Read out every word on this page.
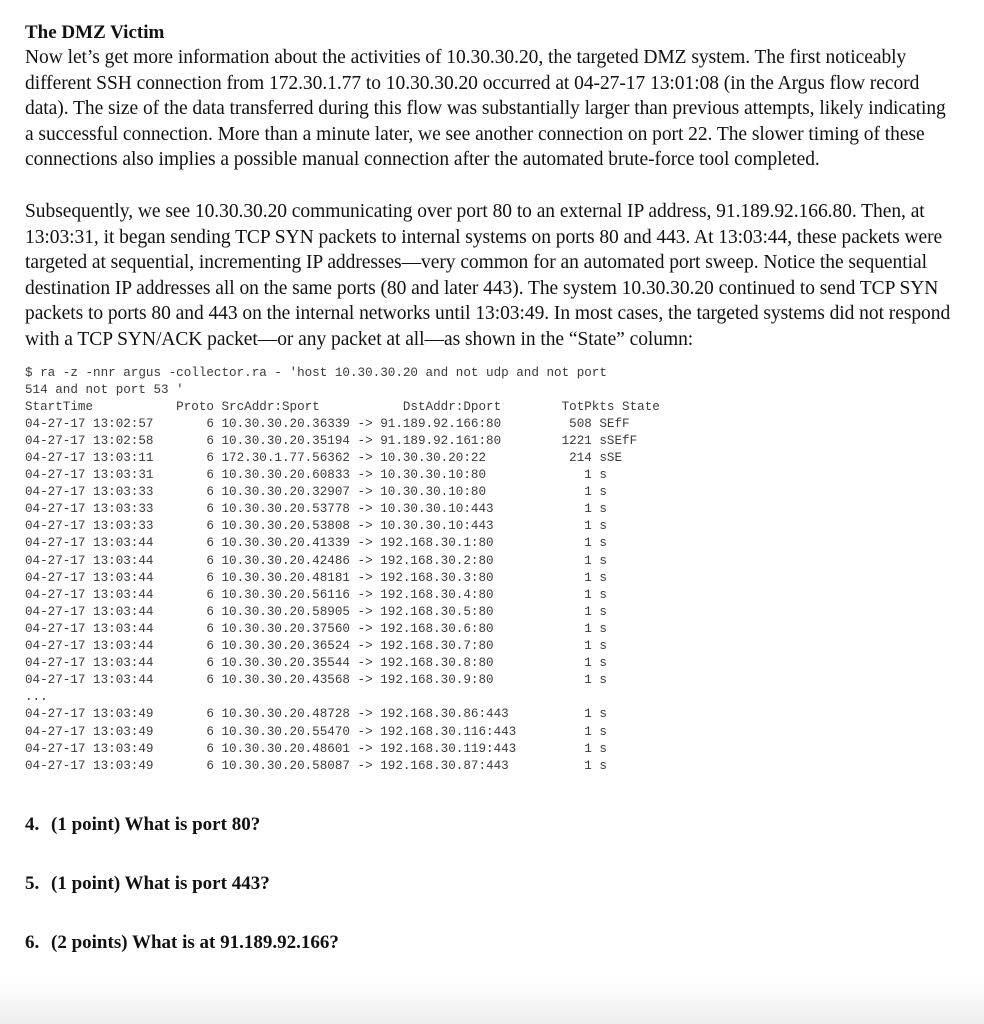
The DMZ Victim

Now let’s get more information about the activities of 10.30.30.20, the targeted DMZ system. The first noticeably different SSH connection from 172.30.1.77 to 10.30.30.20 occurred at 04-27-17 13:01:08 (in the Argus flow record data). The size of the data transferred during this flow was substantially larger than previous attempts, likely indicating a successful connection. More than a minute later, we see another connection on port 22. The slower timing of these connections also implies a possible manual connection after the automated brute-force tool completed.

Subsequently, we see 10.30.30.20 communicating over port 80 to an external IP address, 91.189.92.166.80. Then, at 13:03:31, it began sending TCP SYN packets to internal systems on ports 80 and 443. At 13:03:44, these packets were targeted at sequential, incrementing IP addresses—very common for an automated port sweep. Notice the sequential destination IP addresses all on the same ports (80 and later 443). The system 10.30.30.20 continued to send TCP SYN packets to ports 80 and 443 on the internal networks until 13:03:49. In most cases, the targeted systems did not respond with a TCP SYN/ACK packet—or any packet at all—as shown in the “State” column:

$ ra -z -nnr argus -collector.ra - 'host 10.30.30.20 and not udp and not port
514 and not port 53 '
StartTime           Proto SrcAddr:Sport           DstAddr:Dport        TotPkts State
04-27-17 13:02:57       6 10.30.30.20.36339 -> 91.189.92.166:80         508 SEfF
04-27-17 13:02:58       6 10.30.30.20.35194 -> 91.189.92.161:80        1221 sSEfF
04-27-17 13:03:11       6 172.30.1.77.56362 -> 10.30.30.20:22           214 sSE
04-27-17 13:03:31       6 10.30.30.20.60833 -> 10.30.30.10:80             1 s
04-27-17 13:03:33       6 10.30.30.20.32907 -> 10.30.30.10:80             1 s
04-27-17 13:03:33       6 10.30.30.20.53778 -> 10.30.30.10:443            1 s
04-27-17 13:03:33       6 10.30.30.20.53808 -> 10.30.30.10:443            1 s
04-27-17 13:03:44       6 10.30.30.20.41339 -> 192.168.30.1:80            1 s
04-27-17 13:03:44       6 10.30.30.20.42486 -> 192.168.30.2:80            1 s
04-27-17 13:03:44       6 10.30.30.20.48181 -> 192.168.30.3:80            1 s
04-27-17 13:03:44       6 10.30.30.20.56116 -> 192.168.30.4:80            1 s
04-27-17 13:03:44       6 10.30.30.20.58905 -> 192.168.30.5:80            1 s
04-27-17 13:03:44       6 10.30.30.20.37560 -> 192.168.30.6:80            1 s
04-27-17 13:03:44       6 10.30.30.20.36524 -> 192.168.30.7:80            1 s
04-27-17 13:03:44       6 10.30.30.20.35544 -> 192.168.30.8:80            1 s
04-27-17 13:03:44       6 10.30.30.20.43568 -> 192.168.30.9:80            1 s
...
04-27-17 13:03:49       6 10.30.30.20.48728 -> 192.168.30.86:443          1 s
04-27-17 13:03:49       6 10.30.30.20.55470 -> 192.168.30.116:443         1 s
04-27-17 13:03:49       6 10.30.30.20.48601 -> 192.168.30.119:443         1 s
04-27-17 13:03:49       6 10.30.30.20.58087 -> 192.168.30.87:443          1 s

4. (1 point) What is port 80?

5. (1 point) What is port 443?

6. (2 points) What is at 91.189.92.166?
